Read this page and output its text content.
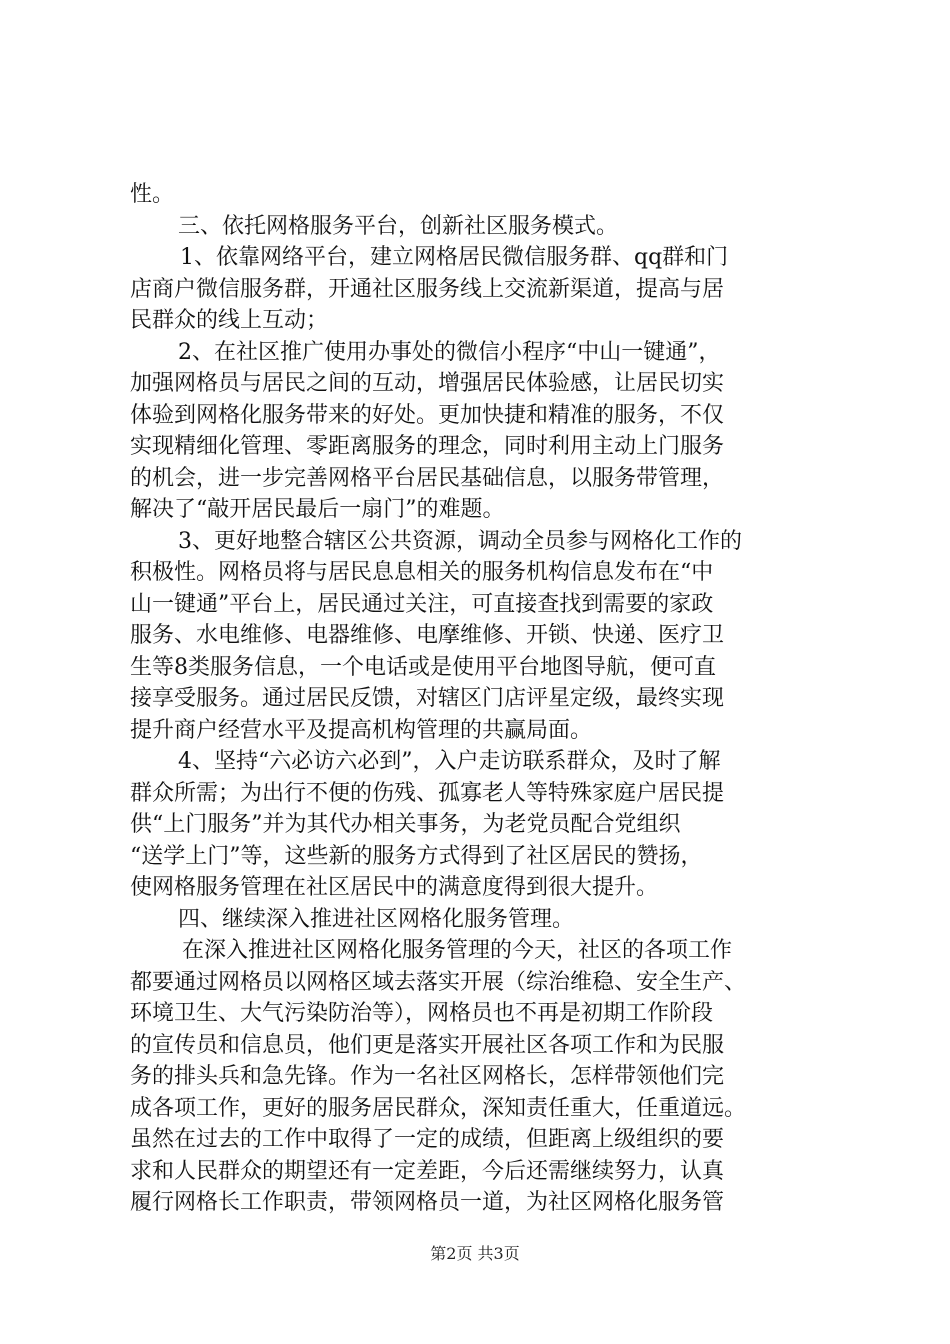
性。
三、依托网格服务平台，创新社区服务模式。
1、依靠网络平台，建立网格居民微信服务群、qq群和门
店商户微信服务群，开通社区服务线上交流新渠道，提高与居
民群众的线上互动；
2、在社区推广使用办事处的微信小程序“中山一键通”，
加强网格员与居民之间的互动，增强居民体验感，让居民切实
体验到网格化服务带来的好处。更加快捷和精准的服务，不仅
实现精细化管理、零距离服务的理念，同时利用主动上门服务
的机会，进一步完善网格平台居民基础信息，以服务带管理，
解决了“敲开居民最后一扇门”的难题。
3、更好地整合辖区公共资源，调动全员参与网格化工作的
积极性。网格员将与居民息息相关的服务机构信息发布在“中
山一键通”平台上，居民通过关注，可直接查找到需要的家政
服务、水电维修、电器维修、电摩维修、开锁、快递、医疗卫
生等8类服务信息，一个电话或是使用平台地图导航，便可直
接享受服务。通过居民反馈，对辖区门店评星定级，最终实现
提升商户经营水平及提高机构管理的共赢局面。
4、坚持“六必访六必到”，入户走访联系群众，及时了解
群众所需；为出行不便的伤残、孤寡老人等特殊家庭户居民提
供“上门服务”并为其代办相关事务，为老党员配合党组织
“送学上门”等，这些新的服务方式得到了社区居民的赞扬，
使网格服务管理在社区居民中的满意度得到很大提升。
四、继续深入推进社区网格化服务管理。
在深入推进社区网格化服务管理的今天，社区的各项工作
都要通过网格员以网格区域去落实开展（综治维稳、安全生产、
环境卫生、大气污染防治等），网格员也不再是初期工作阶段
的宣传员和信息员，他们更是落实开展社区各项工作和为民服
务的排头兵和急先锋。作为一名社区网格长，怎样带领他们完
成各项工作，更好的服务居民群众，深知责任重大，任重道远。
虽然在过去的工作中取得了一定的成绩，但距离上级组织的要
求和人民群众的期望还有一定差距，今后还需继续努力，认真
履行网格长工作职责，带领网格员一道，为社区网格化服务管
第2页 共3页
